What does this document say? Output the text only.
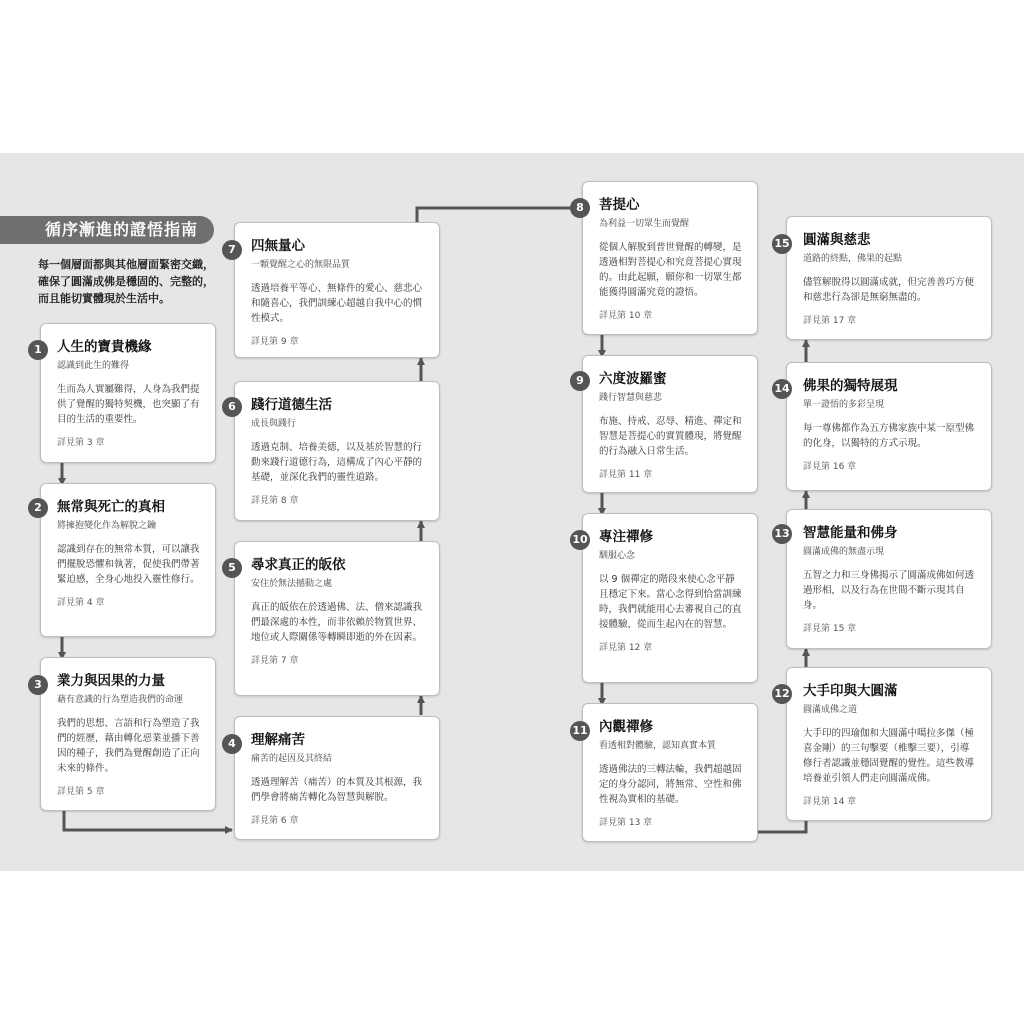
循序漸進的證悟指南
每一個層面都與其他層面緊密交織，確保了圓滿成佛是穩固的、完整的，而且能切實體現於生活中。
人生的寶貴機緣
認識到此生的難得
生而為人實屬難得，人身為我們提供了覺醒的獨特契機，也突顯了有目的生活的重要性。
詳見第 3 章
1
無常與死亡的真相
將擁抱變化作為解脫之鑰
認識到存在的無常本質，可以讓我們擺脫恐懼和執著，促使我們帶著緊迫感，全身心地投入靈性修行。
詳見第 4 章
2
業力與因果的力量
藉有意識的行為塑造我們的命運
我們的思想、言語和行為塑造了我們的經歷，藉由轉化惡業並播下善因的種子，我們為覺醒創造了正向未來的條件。
詳見第 5 章
3
理解痛苦
痛苦的起因及其終結
透過理解苦（痛苦）的本質及其根源，我們學會將痛苦轉化為智慧與解脫。
詳見第 6 章
4
尋求真正的皈依
安住於無法撼動之處
真正的皈依在於透過佛、法、僧來認識我們最深處的本性，而非依賴於物質世界、地位或人際關係等轉瞬即逝的外在因素。
詳見第 7 章
5
踐行道德生活
成長與踐行
透過克制、培養美德，以及基於智慧的行動來踐行道德行為，這構成了內心平靜的基礎，並深化我們的靈性道路。
詳見第 8 章
6
四無量心
一顆覺醒之心的無限品質
透過培養平等心、無條件的愛心、慈悲心和隨喜心，我們訓練心超越自我中心的慣性模式。
詳見第 9 章
7
菩提心
為利益一切眾生而覺醒
從個人解脫到普世覺醒的轉變，是透過相對菩提心和究竟菩提心實現的。由此起願，願你和一切眾生都能獲得圓滿究竟的證悟。
詳見第 10 章
8
六度波羅蜜
踐行智慧與慈悲
布施、持戒、忍辱、精進、禪定和智慧是菩提心的實質體現，將覺醒的行為融入日常生活。
詳見第 11 章
9
專注禪修
馴服心念
以 9 個禪定的階段來使心念平靜且穩定下來。當心念得到恰當訓練時，我們就能用心去審視自己的直接體驗，從而生起內在的智慧。
詳見第 12 章
10
內觀禪修
看透相對體驗，認知真實本質
透過佛法的三轉法輪，我們超越固定的身分認同，將無常、空性和佛性視為實相的基礎。
詳見第 13 章
11
大手印與大圓滿
圓滿成佛之道
大手印的四瑜伽和大圓滿中噶拉多傑（極喜金剛）的三句擊要（椎擊三要），引導修行者認識並穩固覺醒的覺性。這些教導培養並引領人們走向圓滿成佛。
詳見第 14 章
12
智慧能量和佛身
圓滿成佛的無盡示現
五智之力和三身佛揭示了圓滿成佛如何透過形相，以及行為在世間不斷示現其自身。
詳見第 15 章
13
佛果的獨特展現
單一證悟的多彩呈現
每一尊佛都作為五方佛家族中某一原型佛的化身，以獨特的方式示現。
詳見第 16 章
14
圓滿與慈悲
道路的終點，佛果的起點
儘管解脫得以圓滿成就，但完善善巧方便和慈悲行為卻是無窮無盡的。
詳見第 17 章
15
